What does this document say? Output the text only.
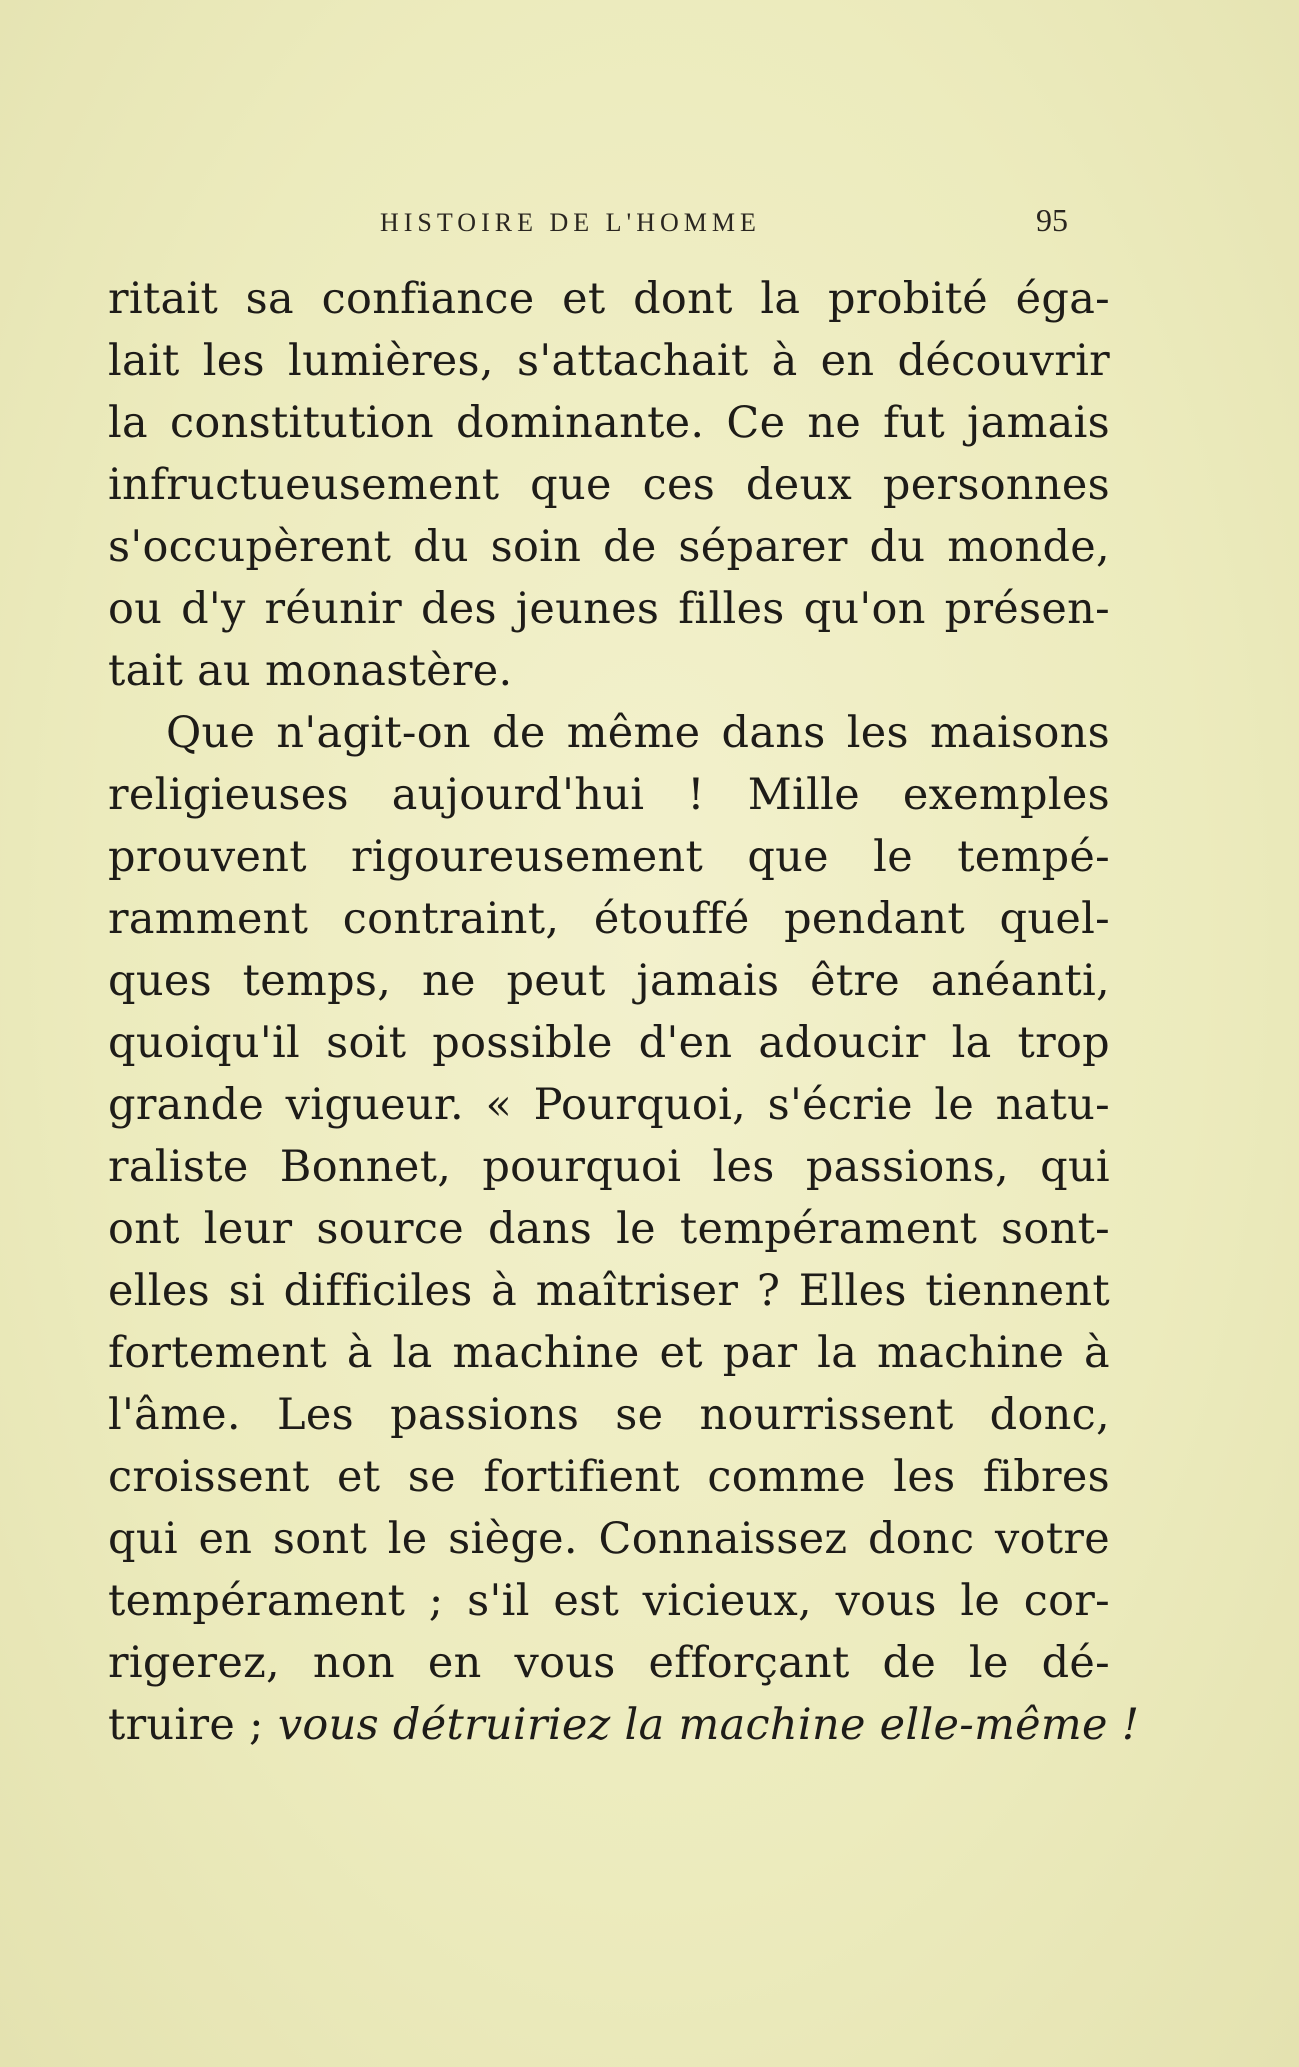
HISTOIRE DE L'HOMME	95
ritait sa confiance et dont la probité éga-
lait les lumières, s'attachait à en découvrir
la constitution dominante. Ce ne fut jamais
infructueusement que ces deux personnes
s'occupèrent du soin de séparer du monde,
ou d'y réunir des jeunes filles qu'on présen-
tait au monastère.
Que n'agit-on de même dans les maisons
religieuses aujourd'hui ! Mille exemples
prouvent rigoureusement que le tempé-
ramment contraint, étouffé pendant quel-
ques temps, ne peut jamais être anéanti,
quoiqu'il soit possible d'en adoucir la trop
grande vigueur. « Pourquoi, s'écrie le natu-
raliste Bonnet, pourquoi les passions, qui
ont leur source dans le tempérament sont-
elles si difficiles à maîtriser ? Elles tiennent
fortement à la machine et par la machine à
l'âme. Les passions se nourrissent donc,
croissent et se fortifient comme les fibres
qui en sont le siège. Connaissez donc votre
tempérament ; s'il est vicieux, vous le cor-
rigerez, non en vous efforçant de le dé-
truire ; vous détruiriez la machine elle-même !
